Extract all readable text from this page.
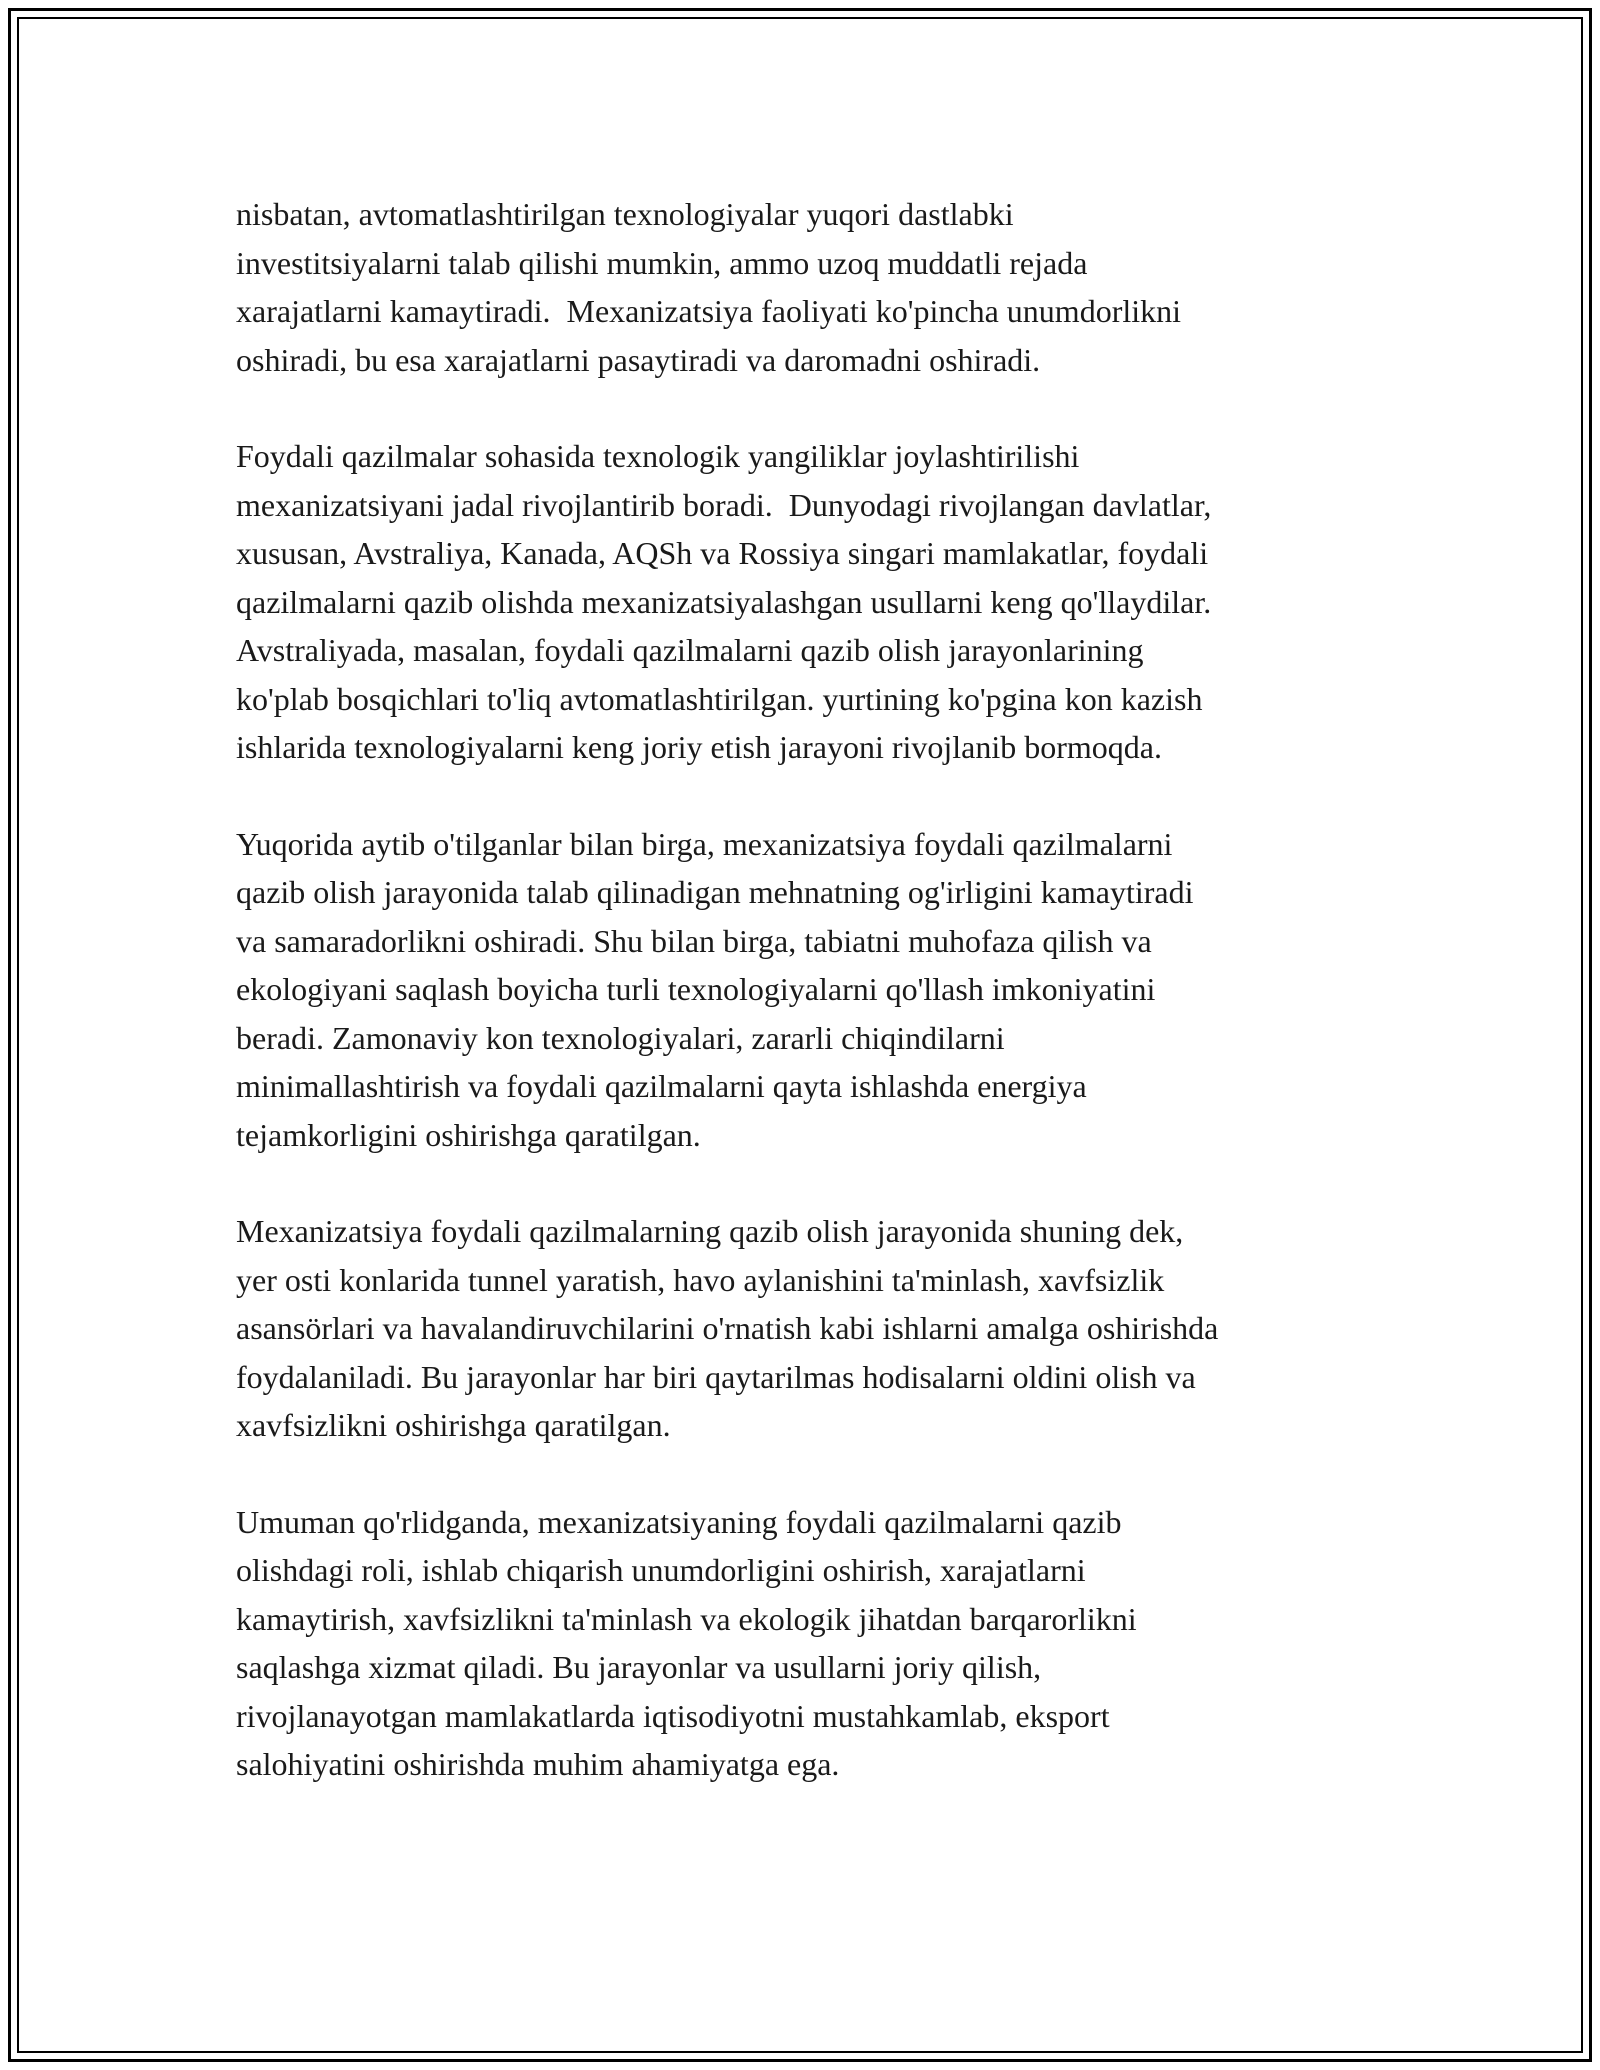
nisbatan, avtomatlashtirilgan texnologiyalar yuqori dastlabki
investitsiyalarni talab qilishi mumkin, ammo uzoq muddatli rejada
xarajatlarni kamaytiradi.  Mexanizatsiya faoliyati ko'pincha unumdorlikni
oshiradi, bu esa xarajatlarni pasaytiradi va daromadni oshiradi.

Foydali qazilmalar sohasida texnologik yangiliklar joylashtirilishi
mexanizatsiyani jadal rivojlantirib boradi.  Dunyodagi rivojlangan davlatlar,
xususan, Avstraliya, Kanada, AQSh va Rossiya singari mamlakatlar, foydali
qazilmalarni qazib olishda mexanizatsiyalashgan usullarni keng qo'llaydilar.
Avstraliyada, masalan, foydali qazilmalarni qazib olish jarayonlarining
ko'plab bosqichlari to'liq avtomatlashtirilgan. yurtining ko'pgina kon kazish
ishlarida texnologiyalarni keng joriy etish jarayoni rivojlanib bormoqda.

Yuqorida aytib o'tilganlar bilan birga, mexanizatsiya foydali qazilmalarni
qazib olish jarayonida talab qilinadigan mehnatning og'irligini kamaytiradi
va samaradorlikni oshiradi. Shu bilan birga, tabiatni muhofaza qilish va
ekologiyani saqlash boyicha turli texnologiyalarni qo'llash imkoniyatini
beradi. Zamonaviy kon texnologiyalari, zararli chiqindilarni
minimallashtirish va foydali qazilmalarni qayta ishlashda energiya
tejamkorligini oshirishga qaratilgan.

Mexanizatsiya foydali qazilmalarning qazib olish jarayonida shuning dek,
yer osti konlarida tunnel yaratish, havo aylanishini ta'minlash, xavfsizlik
asansörlari va havalandiruvchilarini o'rnatish kabi ishlarni amalga oshirishda
foydalaniladi. Bu jarayonlar har biri qaytarilmas hodisalarni oldini olish va
xavfsizlikni oshirishga qaratilgan.

Umuman qo'rlidganda, mexanizatsiyaning foydali qazilmalarni qazib
olishdagi roli, ishlab chiqarish unumdorligini oshirish, xarajatlarni
kamaytirish, xavfsizlikni ta'minlash va ekologik jihatdan barqarorlikni
saqlashga xizmat qiladi. Bu jarayonlar va usullarni joriy qilish,
rivojlanayotgan mamlakatlarda iqtisodiyotni mustahkamlab, eksport
salohiyatini oshirishda muhim ahamiyatga ega.
